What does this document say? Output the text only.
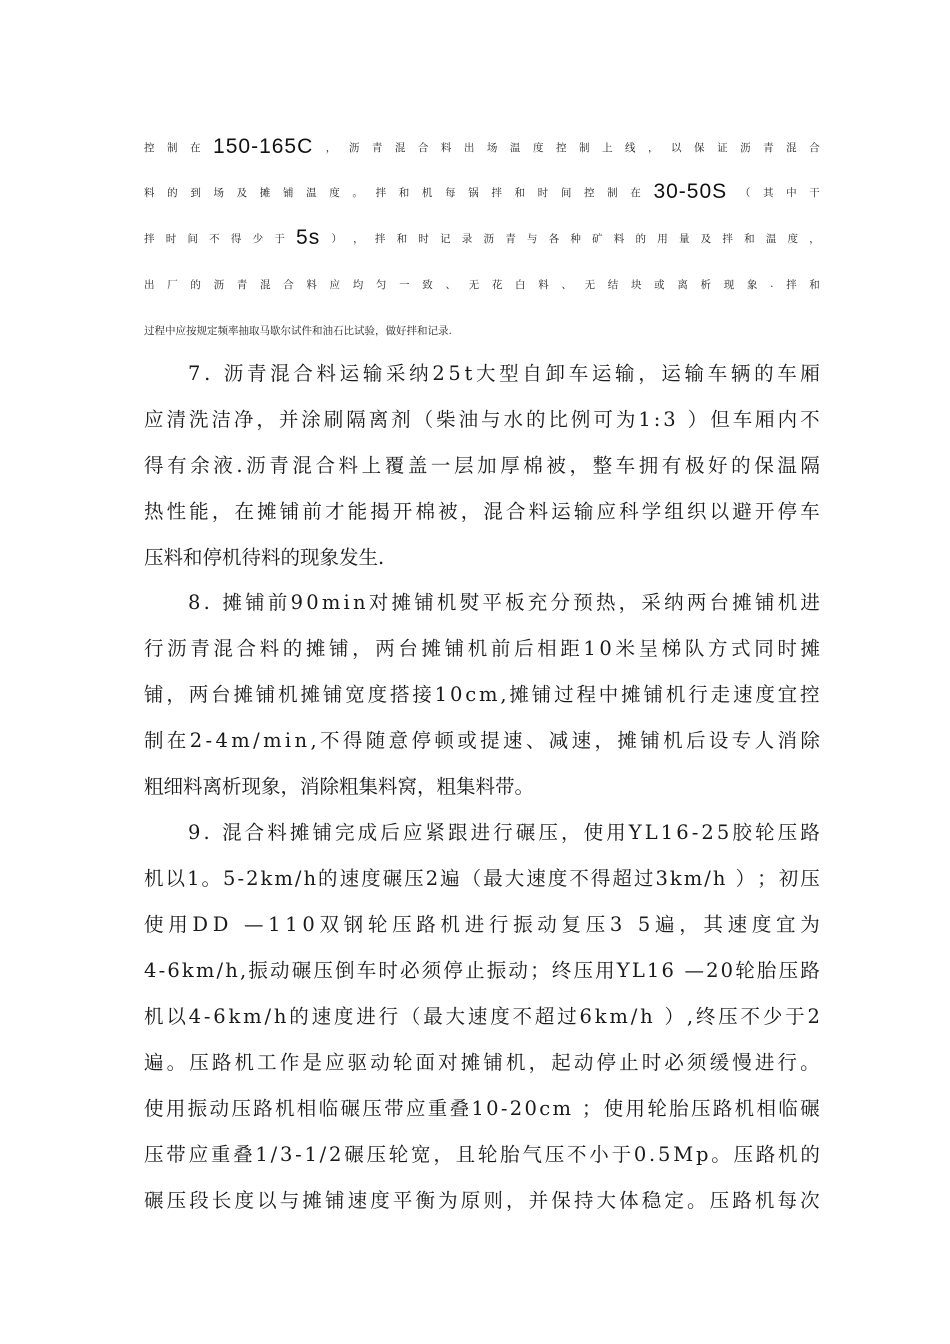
控 制 在 150-165C ， 沥 青 混 合 料 出 场 温 度 控 制 上 线 ， 以 保 证 沥 青 混 合
料 的 到 场 及 摊 铺 温 度 。 拌 和 机 每 锅 拌 和 时 间 控 制 在 30-50S （ 其 中 干
拌 时 间 不 得 少 于 5s ） ， 拌 和 时 记 录 沥 青 与 各 种 矿 料 的 用 量 及 拌 和 温 度 ，
出 厂 的 沥 青 混 合 料 应 均 匀 一 致 、 无 花 白 料 、 无 结 块 或 离 析 现 象 . 拌 和
过程中应按规定频率抽取马歇尔试件和油石比试验，做好拌和记录.
7 .
沥 青 混 合 料 运 输 采 纳 2 5 t 大 型 自 卸 车 运 输 ， 运 输 车 辆 的 车 厢
应 清 洗 洁 净 ， 并 涂 刷 隔 离 剂 （ 柴 油 与 水 的 比 例 可 为 1 : 3
） 但 车 厢 内 不
得 有 余 液 . 沥 青 混 合 料 上 覆 盖 一 层 加 厚 棉 被 ， 整 车 拥 有 极 好 的 保 温 隔
热 性 能 ， 在 摊 铺 前 才 能 揭 开 棉 被 ， 混 合 料 运 输 应 科 学 组 织 以 避 开 停 车
压料和停机待料的现象发生.
8 .
摊 铺 前 9 0 m i n 对 摊 铺 机 熨 平 板 充 分 预 热 ， 采 纳 两 台 摊 铺 机 进
行 沥 青 混 合 料 的 摊 铺 ， 两 台 摊 铺 机 前 后 相 距 1 0 米 呈 梯 队 方 式 同 时 摊
铺 ， 两 台 摊 铺 机 摊 铺 宽 度 搭 接 1 0 c m , 摊 铺 过 程 中 摊 铺 机 行 走 速 度 宜 控
制 在 2 - 4 m / m i n , 不 得 随 意 停 顿 或 提 速 、 减 速 ， 摊 铺 机 后 设 专 人 消 除
粗细料离析现象，消除粗集料窝，粗集料带。
9 .
混 合 料 摊 铺 完 成 后 应 紧 跟 进 行 碾 压 ， 使 用 Y L 1 6 - 2 5 胶 轮 压 路
机 以 1 。 5 - 2 k m / h 的 速 度 碾 压 2 遍 （ 最 大 速 度 不 得 超 过 3 k m / h
） ； 初 压
使 用 D D
— 1 1 0 双 钢 轮 压 路 机 进 行 振 动 复 压 3
5 遍 ， 其 速 度 宜 为
4 - 6 k m / h , 振 动 碾 压 倒 车 时 必 须 停 止 振 动 ； 终 压 用 Y L 1 6
— 2 0 轮 胎 压 路
机 以 4 - 6 k m / h 的 速 度 进 行 （ 最 大 速 度 不 超 过 6 k m / h
） , 终 压 不 少 于 2
遍 。 压 路 机 工 作 是 应 驱 动 轮 面 对 摊 铺 机 ， 起 动 停 止 时 必 须 缓 慢 进 行 。
使 用 振 动 压 路 机 相 临 碾 压 带 应 重 叠 1 0 - 2 0 c m
； 使 用 轮 胎 压 路 机 相 临 碾
压 带 应 重 叠 1 / 3 - 1 / 2 碾 压 轮 宽 ， 且 轮 胎 气 压 不 小 于 0 . 5 M p 。 压 路 机 的
碾 压 段 长 度 以 与 摊 铺 速 度 平 衡 为 原 则 ， 并 保 持 大 体 稳 定 。 压 路 机 每 次
